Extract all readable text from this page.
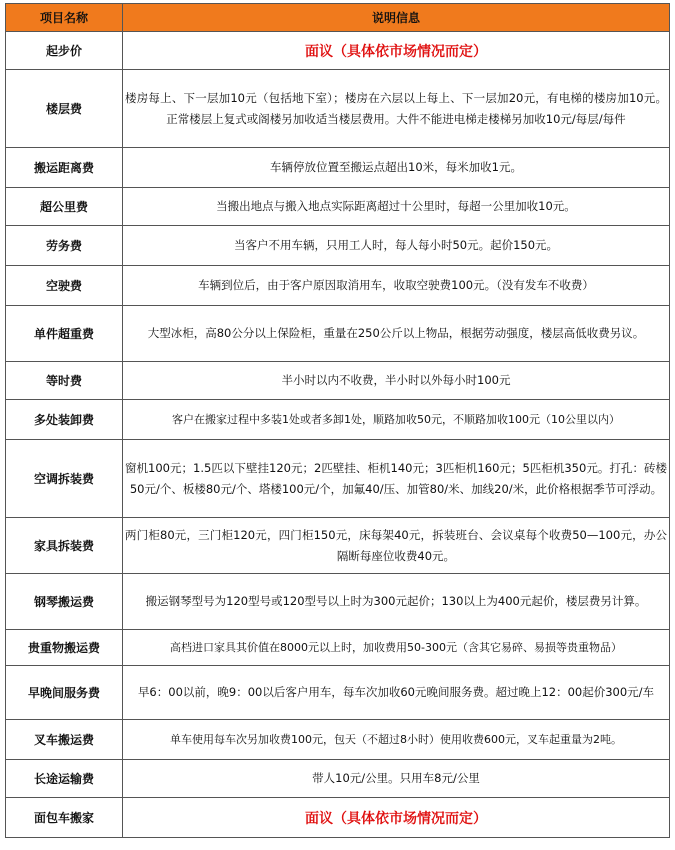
项目名称	说明信息
起步价	面议（具体依市场情况而定）
楼层费	楼房每上、下一层加10元（包括地下室）；楼房在六层以上每上、下一层加20元，有电梯的楼房加10元。正常楼层上复式或阁楼另加收适当楼层费用。大件不能进电梯走楼梯另加收10元/每层/每件
搬运距离费	车辆停放位置至搬运点超出10米，每米加收1元。
超公里费	当搬出地点与搬入地点实际距离超过十公里时，每超一公里加收10元。
劳务费	当客户不用车辆，只用工人时，每人每小时50元。起价150元。
空驶费	车辆到位后，由于客户原因取消用车，收取空驶费100元。（没有发车不收费）
单件超重费	大型冰柜，高80公分以上保险柜，重量在250公斤以上物品，根据劳动强度，楼层高低收费另议。
等时费	半小时以内不收费，半小时以外每小时100元
多处装卸费	客户在搬家过程中多装1处或者多卸1处，顺路加收50元，不顺路加收100元（10公里以内）
空调拆装费	窗机100元；1.5匹以下壁挂120元；2匹壁挂、柜机140元；3匹柜机160元；5匹柜机350元。打孔：砖楼50元/个、板楼80元/个、塔楼100元/个，加氟40/压、加管80/米、加线20/米，此价格根据季节可浮动。
家具拆装费	两门柜80元，三门柜120元，四门柜150元，床每架40元，拆装班台、会议桌每个收费50—100元，办公隔断每座位收费40元。
钢琴搬运费	搬运钢琴型号为120型号或120型号以上时为300元起价；130以上为400元起价，楼层费另计算。
贵重物搬运费	高档进口家具其价值在8000元以上时，加收费用50-300元（含其它易碎、易损等贵重物品）
早晚间服务费	早6：00以前，晚9：00以后客户用车，每车次加收60元晚间服务费。超过晚上12：00起价300元/车
叉车搬运费	单车使用每车次另加收费100元，包天（不超过8小时）使用收费600元，叉车起重量为2吨。
长途运输费	带人10元/公里。只用车8元/公里
面包车搬家	面议（具体依市场情况而定）
